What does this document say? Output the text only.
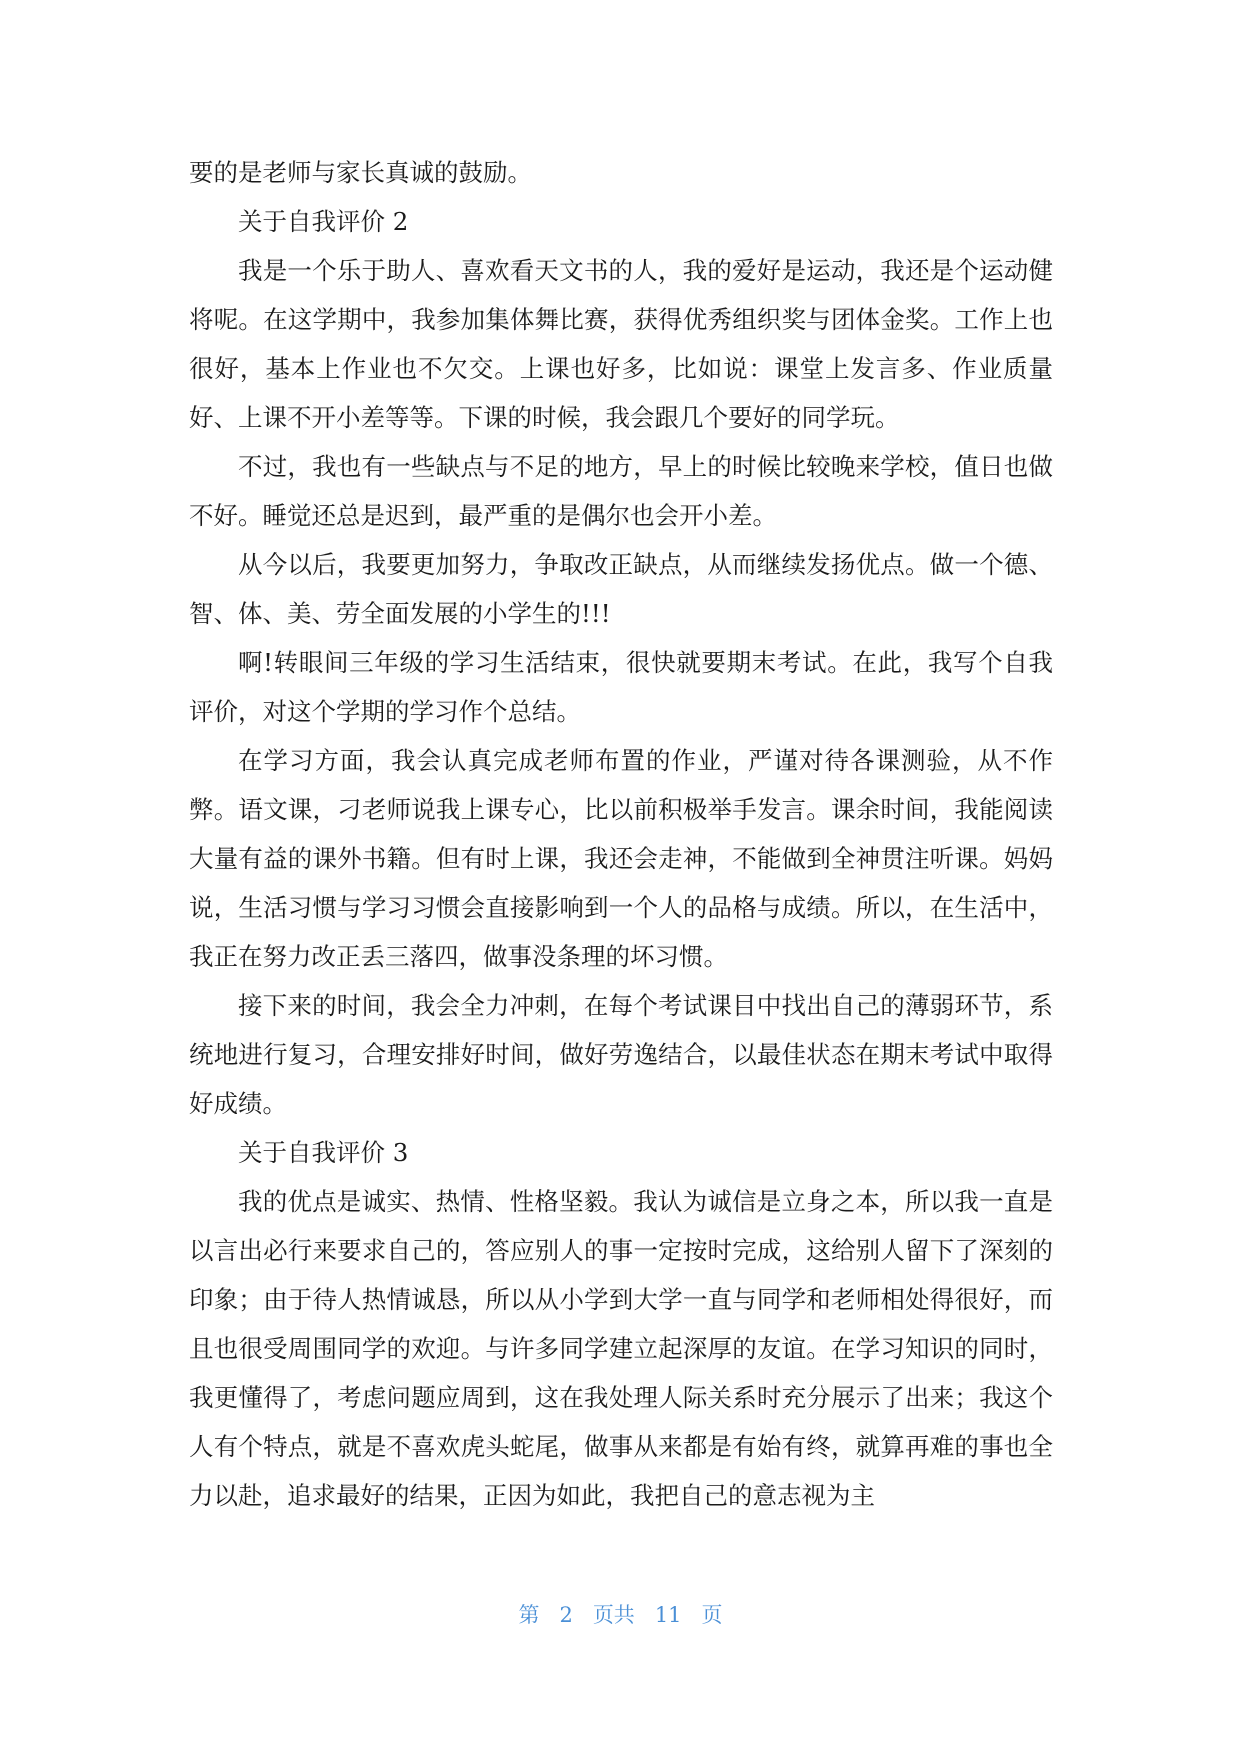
要的是老师与家长真诚的鼓励。

关于自我评价 2

我是一个乐于助人、喜欢看天文书的人，我的爱好是运动，我还是个运动健将呢。在这学期中，我参加集体舞比赛，获得优秀组织奖与团体金奖。工作上也很好，基本上作业也不欠交。上课也好多，比如说：课堂上发言多、作业质量好、上课不开小差等等。下课的时候，我会跟几个要好的同学玩。

不过，我也有一些缺点与不足的地方，早上的时候比较晚来学校，值日也做不好。睡觉还总是迟到，最严重的是偶尔也会开小差。

从今以后，我要更加努力，争取改正缺点，从而继续发扬优点。做一个德、智、体、美、劳全面发展的小学生的!!!

啊!转眼间三年级的学习生活结束，很快就要期末考试。在此，我写个自我评价，对这个学期的学习作个总结。

在学习方面，我会认真完成老师布置的作业，严谨对待各课测验，从不作弊。语文课，刁老师说我上课专心，比以前积极举手发言。课余时间，我能阅读大量有益的课外书籍。但有时上课，我还会走神，不能做到全神贯注听课。妈妈说，生活习惯与学习习惯会直接影响到一个人的品格与成绩。所以，在生活中，我正在努力改正丢三落四，做事没条理的坏习惯。

接下来的时间，我会全力冲刺，在每个考试课目中找出自己的薄弱环节，系统地进行复习，合理安排好时间，做好劳逸结合，以最佳状态在期末考试中取得好成绩。

关于自我评价 3

我的优点是诚实、热情、性格坚毅。我认为诚信是立身之本，所以我一直是以言出必行来要求自己的，答应别人的事一定按时完成，这给别人留下了深刻的印象；由于待人热情诚恳，所以从小学到大学一直与同学和老师相处得很好，而且也很受周围同学的欢迎。与许多同学建立起深厚的友谊。在学习知识的同时，我更懂得了，考虑问题应周到，这在我处理人际关系时充分展示了出来；我这个人有个特点，就是不喜欢虎头蛇尾，做事从来都是有始有终，就算再难的事也全力以赴，追求最好的结果，正因为如此，我把自己的意志视为主

第 2 页共 11 页
